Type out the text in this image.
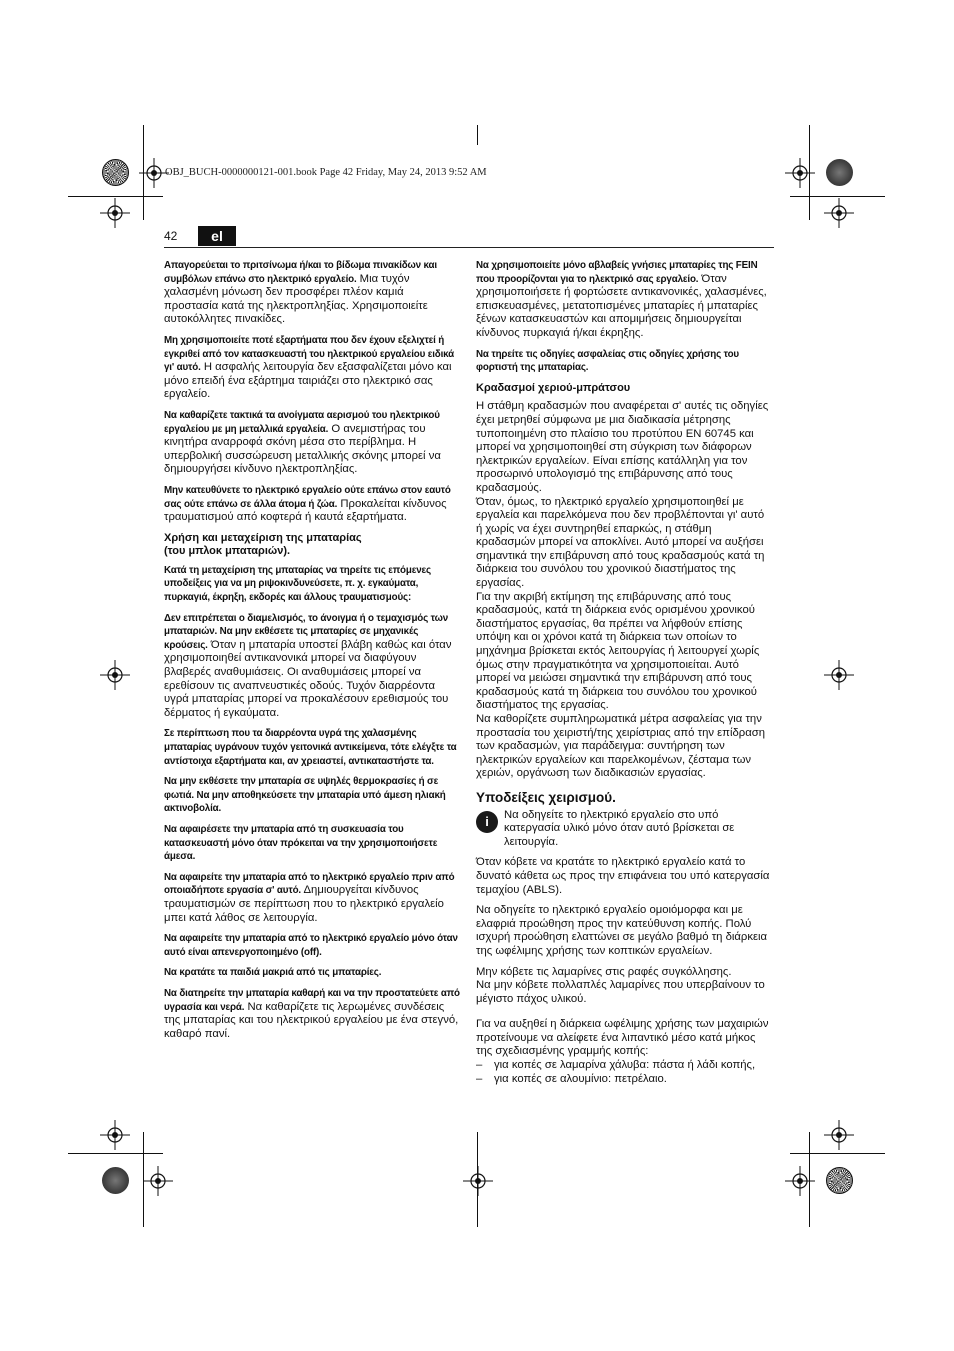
OBJ_BUCH-0000000121-001.book Page 42 Friday, May 24, 2013 9:52 AM
42	el

Απαγορεύεται το πριτσίνωμα ή/και το βίδωμα πινακίδων και συμβόλων επάνω στο ηλεκτρικό εργαλείο. Μια τυχόν χαλασμένη μόνωση δεν προσφέρει πλέον καμιά προστασία κατά της ηλεκτροπληξίας. Χρησιμοποιείτε αυτοκόλλητες πινακίδες.

Μη χρησιμοποιείτε ποτέ εξαρτήματα που δεν έχουν εξελιχτεί ή εγκριθεί από τον κατασκευαστή του ηλεκτρικού εργαλείου ειδικά γι' αυτό. Η ασφαλής λειτουργία δεν εξασφαλίζεται μόνο και μόνο επειδή ένα εξάρτημα ταιριάζει στο ηλεκτρικό σας εργαλείο.

Να καθαρίζετε τακτικά τα ανοίγματα αερισμού του ηλεκτρικού εργαλείου με μη μεταλλικά εργαλεία. Ο ανεμιστήρας του κινητήρα αναρροφά σκόνη μέσα στο περίβλημα. Η υπερβολική συσσώρευση μεταλλικής σκόνης μπορεί να δημιουργήσει κίνδυνο ηλεκτροπληξίας.

Μην κατευθύνετε το ηλεκτρικό εργαλείο ούτε επάνω στον εαυτό σας ούτε επάνω σε άλλα άτομα ή ζώα. Προκαλείται κίνδυνος τραυματισμού από κοφτερά ή καυτά εξαρτήματα.

Χρήση και μεταχείριση της μπαταρίας
(του μπλοκ μπαταριών).

Κατά τη μεταχείριση της μπαταρίας να τηρείτε τις επόμενες υποδείξεις για να μη ριψοκινδυνεύσετε, π. χ. εγκαύματα, πυρκαγιά, έκρηξη, εκδορές και άλλους τραυματισμούς:

Δεν επιτρέπεται ο διαμελισμός, το άνοιγμα ή ο τεμαχισμός των μπαταριών. Να μην εκθέσετε τις μπαταρίες σε μηχανικές κρούσεις. Όταν η μπαταρία υποστεί βλάβη καθώς και όταν χρησιμοποιηθεί αντικανονικά μπορεί να διαφύγουν βλαβερές αναθυμιάσεις. Οι αναθυμιάσεις μπορεί να ερεθίσουν τις αναπνευστικές οδούς. Τυχόν διαρρέοντα υγρά μπαταρίας μπορεί να προκαλέσουν ερεθισμούς του δέρματος ή εγκαύματα.

Σε περίπτωση που τα διαρρέοντα υγρά της χαλασμένης μπαταρίας υγράνουν τυχόν γειτονικά αντικείμενα, τότε ελέγξτε τα αντίστοιχα εξαρτήματα και, αν χρειαστεί, αντικαταστήστε τα.

Να μην εκθέσετε την μπαταρία σε υψηλές θερμοκρασίες ή σε φωτιά. Να μην αποθηκεύσετε την μπαταρία υπό άμεση ηλιακή ακτινοβολία.

Να αφαιρέσετε την μπαταρία από τη συσκευασία του κατασκευαστή μόνο όταν πρόκειται να την χρησιμοποιήσετε άμεσα.

Να αφαιρείτε την μπαταρία από το ηλεκτρικό εργαλείο πριν από οποιαδήποτε εργασία σ' αυτό. Δημιουργείται κίνδυνος τραυματισμών σε περίπτωση που το ηλεκτρικό εργαλείο μπει κατά λάθος σε λειτουργία.

Να αφαιρείτε την μπαταρία από το ηλεκτρικό εργαλείο μόνο όταν αυτό είναι απενεργοποιημένο (off).

Να κρατάτε τα παιδιά μακριά από τις μπαταρίες.

Να διατηρείτε την μπαταρία καθαρή και να την προστατεύετε από υγρασία και νερά. Να καθαρίζετε τις λερωμένες συνδέσεις της μπαταρίας και του ηλεκτρικού εργαλείου με ένα στεγνό, καθαρό πανί.

Να χρησιμοποιείτε μόνο αβλαβείς γνήσιες μπαταρίες της FEIN που προορίζονται για το ηλεκτρικό σας εργαλείο. Όταν χρησιμοποιήσετε ή φορτώσετε αντικανονικές, χαλασμένες, επισκευασμένες, μετατοπισμένες μπαταρίες ή μπαταρίες ξένων κατασκευαστών και απομιμήσεις δημιουργείται κίνδυνος πυρκαγιά ή/και έκρηξης.

Να τηρείτε τις οδηγίες ασφαλείας στις οδηγίες χρήσης του φορτιστή της μπαταρίας.

Κραδασμοί χεριού-μπράτσου

Η στάθμη κραδασμών που αναφέρεται σ' αυτές τις οδηγίες έχει μετρηθεί σύμφωνα με μια διαδικασία μέτρησης τυποποιημένη στο πλαίσιο του προτύπου EN 60745 και μπορεί να χρησιμοποιηθεί στη σύγκριση των διάφορων ηλεκτρικών εργαλείων. Είναι επίσης κατάλληλη για τον προσωρινό υπολογισμό της επιβάρυνσης από τους κραδασμούς.

Όταν, όμως, το ηλεκτρικό εργαλείο χρησιμοποιηθεί με εργαλεία και παρελκόμενα που δεν προβλέπονται γι' αυτό ή χωρίς να έχει συντηρηθεί επαρκώς, η στάθμη κραδασμών μπορεί να αποκλίνει. Αυτό μπορεί να αυξήσει σημαντικά την επιβάρυνση από τους κραδασμούς κατά τη διάρκεια του συνόλου του χρονικού διαστήματος της εργασίας.

Για την ακριβή εκτίμηση της επιβάρυνσης από τους κραδασμούς, κατά τη διάρκεια ενός ορισμένου χρονικού διαστήματος εργασίας, θα πρέπει να λήφθούν επίσης υπόψη και οι χρόνοι κατά τη διάρκεια των οποίων το μηχάνημα βρίσκεται εκτός λειτουργίας ή λειτουργεί χωρίς όμως στην πραγματικότητα να χρησιμοποιείται. Αυτό μπορεί να μειώσει σημαντικά την επιβάρυνση από τους κραδασμούς κατά τη διάρκεια του συνόλου του χρονικού διαστήματος της εργασίας.

Να καθορίζετε συμπληρωματικά μέτρα ασφαλείας για την προστασία του χειριστή/της χειρίστριας από την επίδραση των κραδασμών, για παράδειγμα: συντήρηση των ηλεκτρικών εργαλείων και παρελκομένων, ζέσταμα των χεριών, οργάνωση των διαδικασιών εργασίας.

Υποδείξεις χειρισμού.

i	Να οδηγείτε το ηλεκτρικό εργαλείο στο υπό κατεργασία υλικό μόνο όταν αυτό βρίσκεται σε λειτουργία.

Όταν κόβετε να κρατάτε το ηλεκτρικό εργαλείο κατά το δυνατό κάθετα ως προς την επιφάνεια του υπό κατεργασία τεμαχίου (ABLS).

Να οδηγείτε το ηλεκτρικό εργαλείο ομοιόμορφα και με ελαφριά προώθηση προς την κατεύθυνση κοπής. Πολύ ισχυρή προώθηση ελαττώνει σε μεγάλο βαθμό τη διάρκεια της ωφέλιμης χρήσης των κοπτικών εργαλείων.

Μην κόβετε τις λαμαρίνες στις ραφές συγκόλλησης.

Να μην κόβετε πολλαπλές λαμαρίνες που υπερβαίνουν το μέγιστο πάχος υλικού.

Για να αυξηθεί η διάρκεια ωφέλιμης χρήσης των μαχαιριών προτείνουμε να αλείφετε ένα λιπαντικό μέσο κατά μήκος της σχεδιασμένης γραμμής κοπής:

–	για κοπές σε λαμαρίνα χάλυβα: πάστα ή λάδι κοπής,
–	για κοπές σε αλουμίνιο: πετρέλαιο.
